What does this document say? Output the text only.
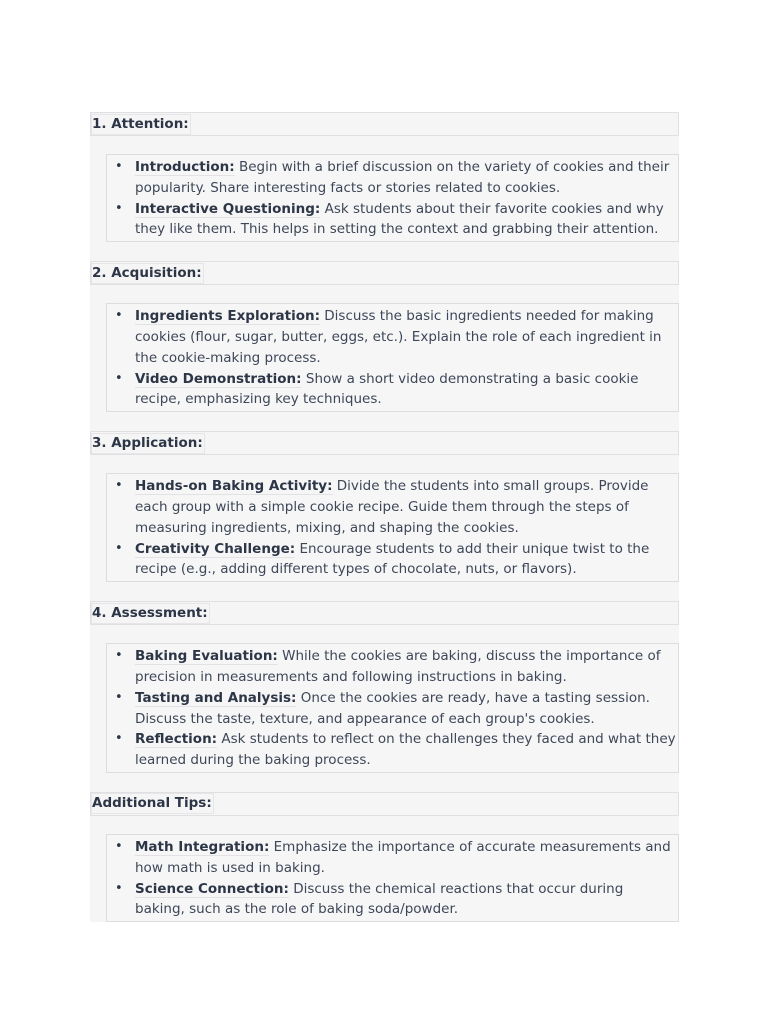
1. Attention:
• Introduction: Begin with a brief discussion on the variety of cookies and their popularity. Share interesting facts or stories related to cookies.
• Interactive Questioning: Ask students about their favorite cookies and why they like them. This helps in setting the context and grabbing their attention.
2. Acquisition:
• Ingredients Exploration: Discuss the basic ingredients needed for making cookies (flour, sugar, butter, eggs, etc.). Explain the role of each ingredient in the cookie-making process.
• Video Demonstration: Show a short video demonstrating a basic cookie recipe, emphasizing key techniques.
3. Application:
• Hands-on Baking Activity: Divide the students into small groups. Provide each group with a simple cookie recipe. Guide them through the steps of measuring ingredients, mixing, and shaping the cookies.
• Creativity Challenge: Encourage students to add their unique twist to the recipe (e.g., adding different types of chocolate, nuts, or flavors).
4. Assessment:
• Baking Evaluation: While the cookies are baking, discuss the importance of precision in measurements and following instructions in baking.
• Tasting and Analysis: Once the cookies are ready, have a tasting session. Discuss the taste, texture, and appearance of each group's cookies.
• Reflection: Ask students to reflect on the challenges they faced and what they learned during the baking process.
Additional Tips:
• Math Integration: Emphasize the importance of accurate measurements and how math is used in baking.
• Science Connection: Discuss the chemical reactions that occur during baking, such as the role of baking soda/powder.
